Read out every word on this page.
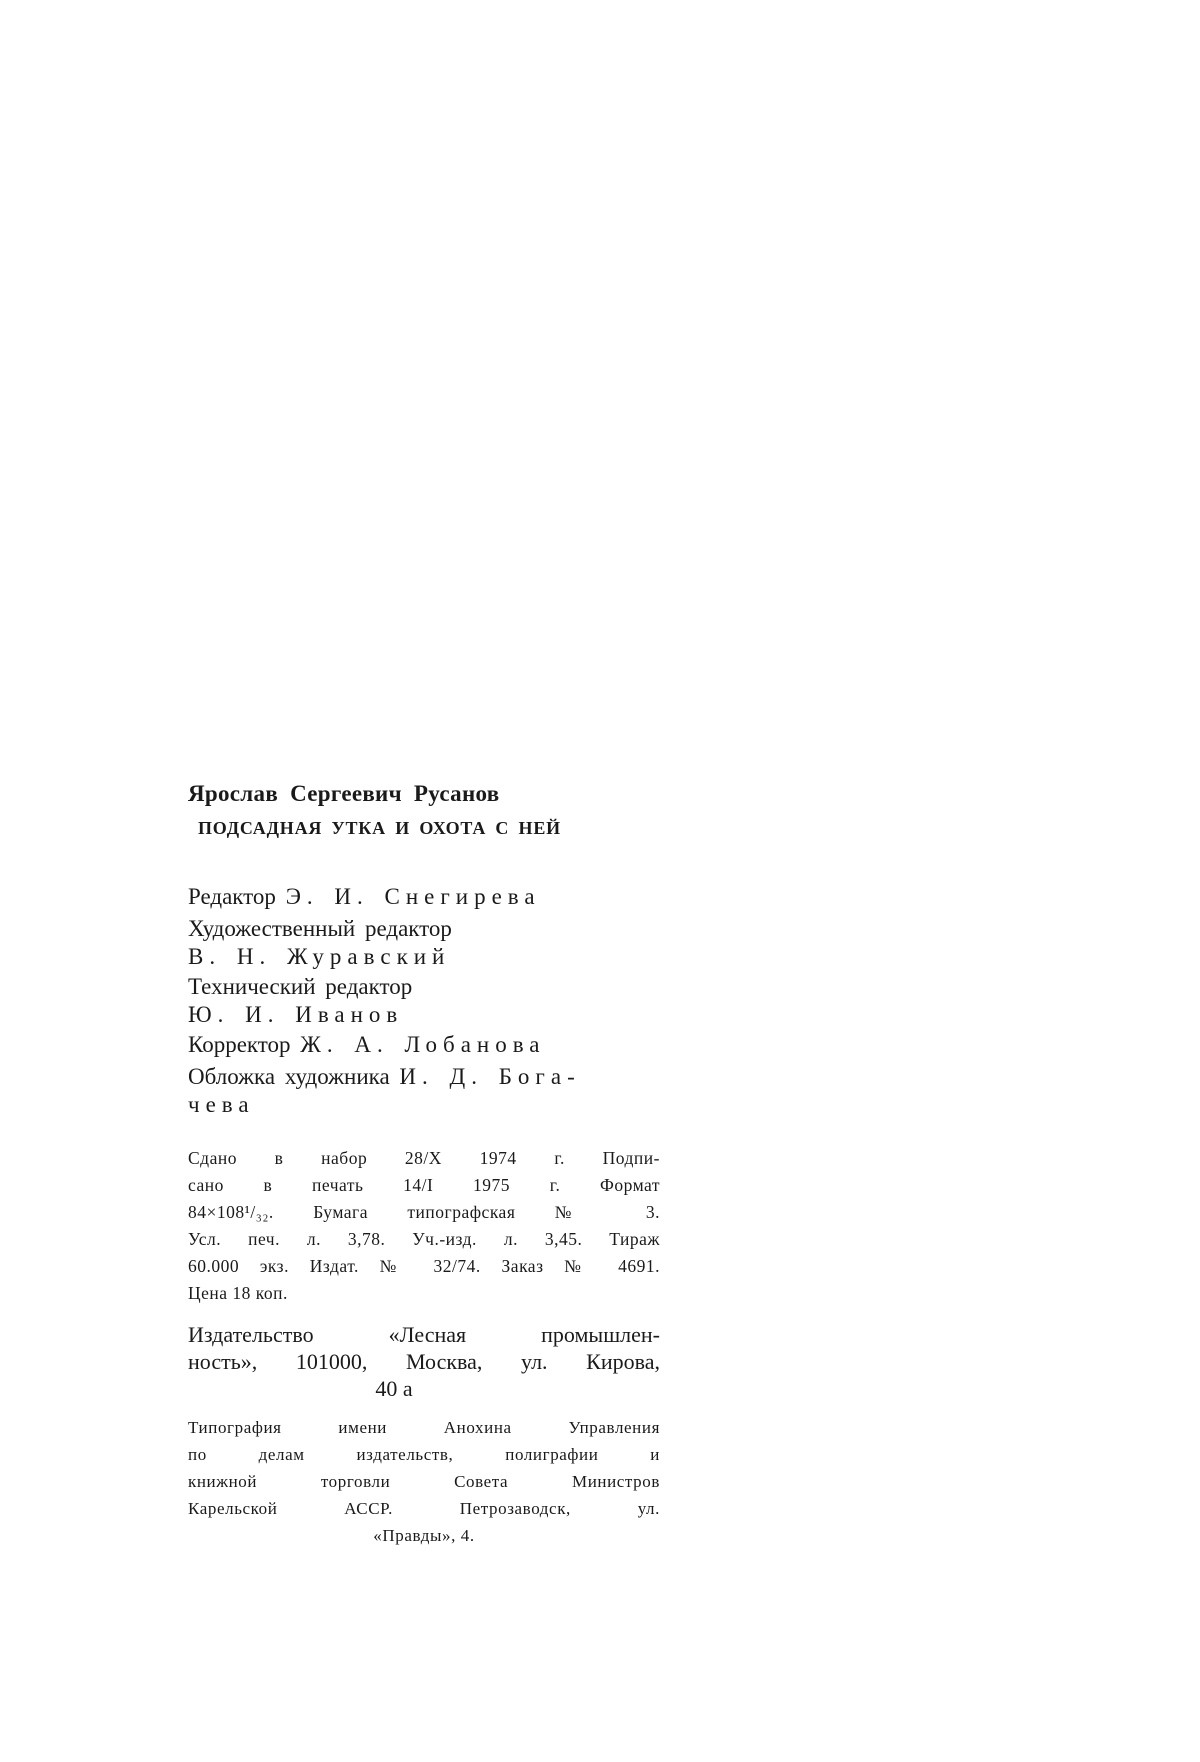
Ярослав Сергеевич Русанов
ПОДСАДНАЯ УТКА И ОХОТА С НЕЙ
Редактор Э. И. Снегирева
Художественный редактор
В. Н. Журавский
Технический редактор
Ю. И. Иванов
Корректор Ж. А. Лобанова
Обложка художника И. Д. Бога-
чева
Сдано в набор 28/X 1974 г. Подпи-
сано в печать 14/I 1975 г. Формат
84×108¹/₃₂. Бумага типографская № 3.
Усл. печ. л. 3,78. Уч.-изд. л. 3,45. Тираж
60.000 экз. Издат. № 32/74. Заказ № 4691.
Цена 18 коп.
Издательство «Лесная промышлен-
ность», 101000, Москва, ул. Кирова,
40 а
Типография имени Анохина Управления
по делам издательств, полиграфии и
книжной торговли Совета Министров
Карельской АССР. Петрозаводск, ул.
«Правды», 4.
